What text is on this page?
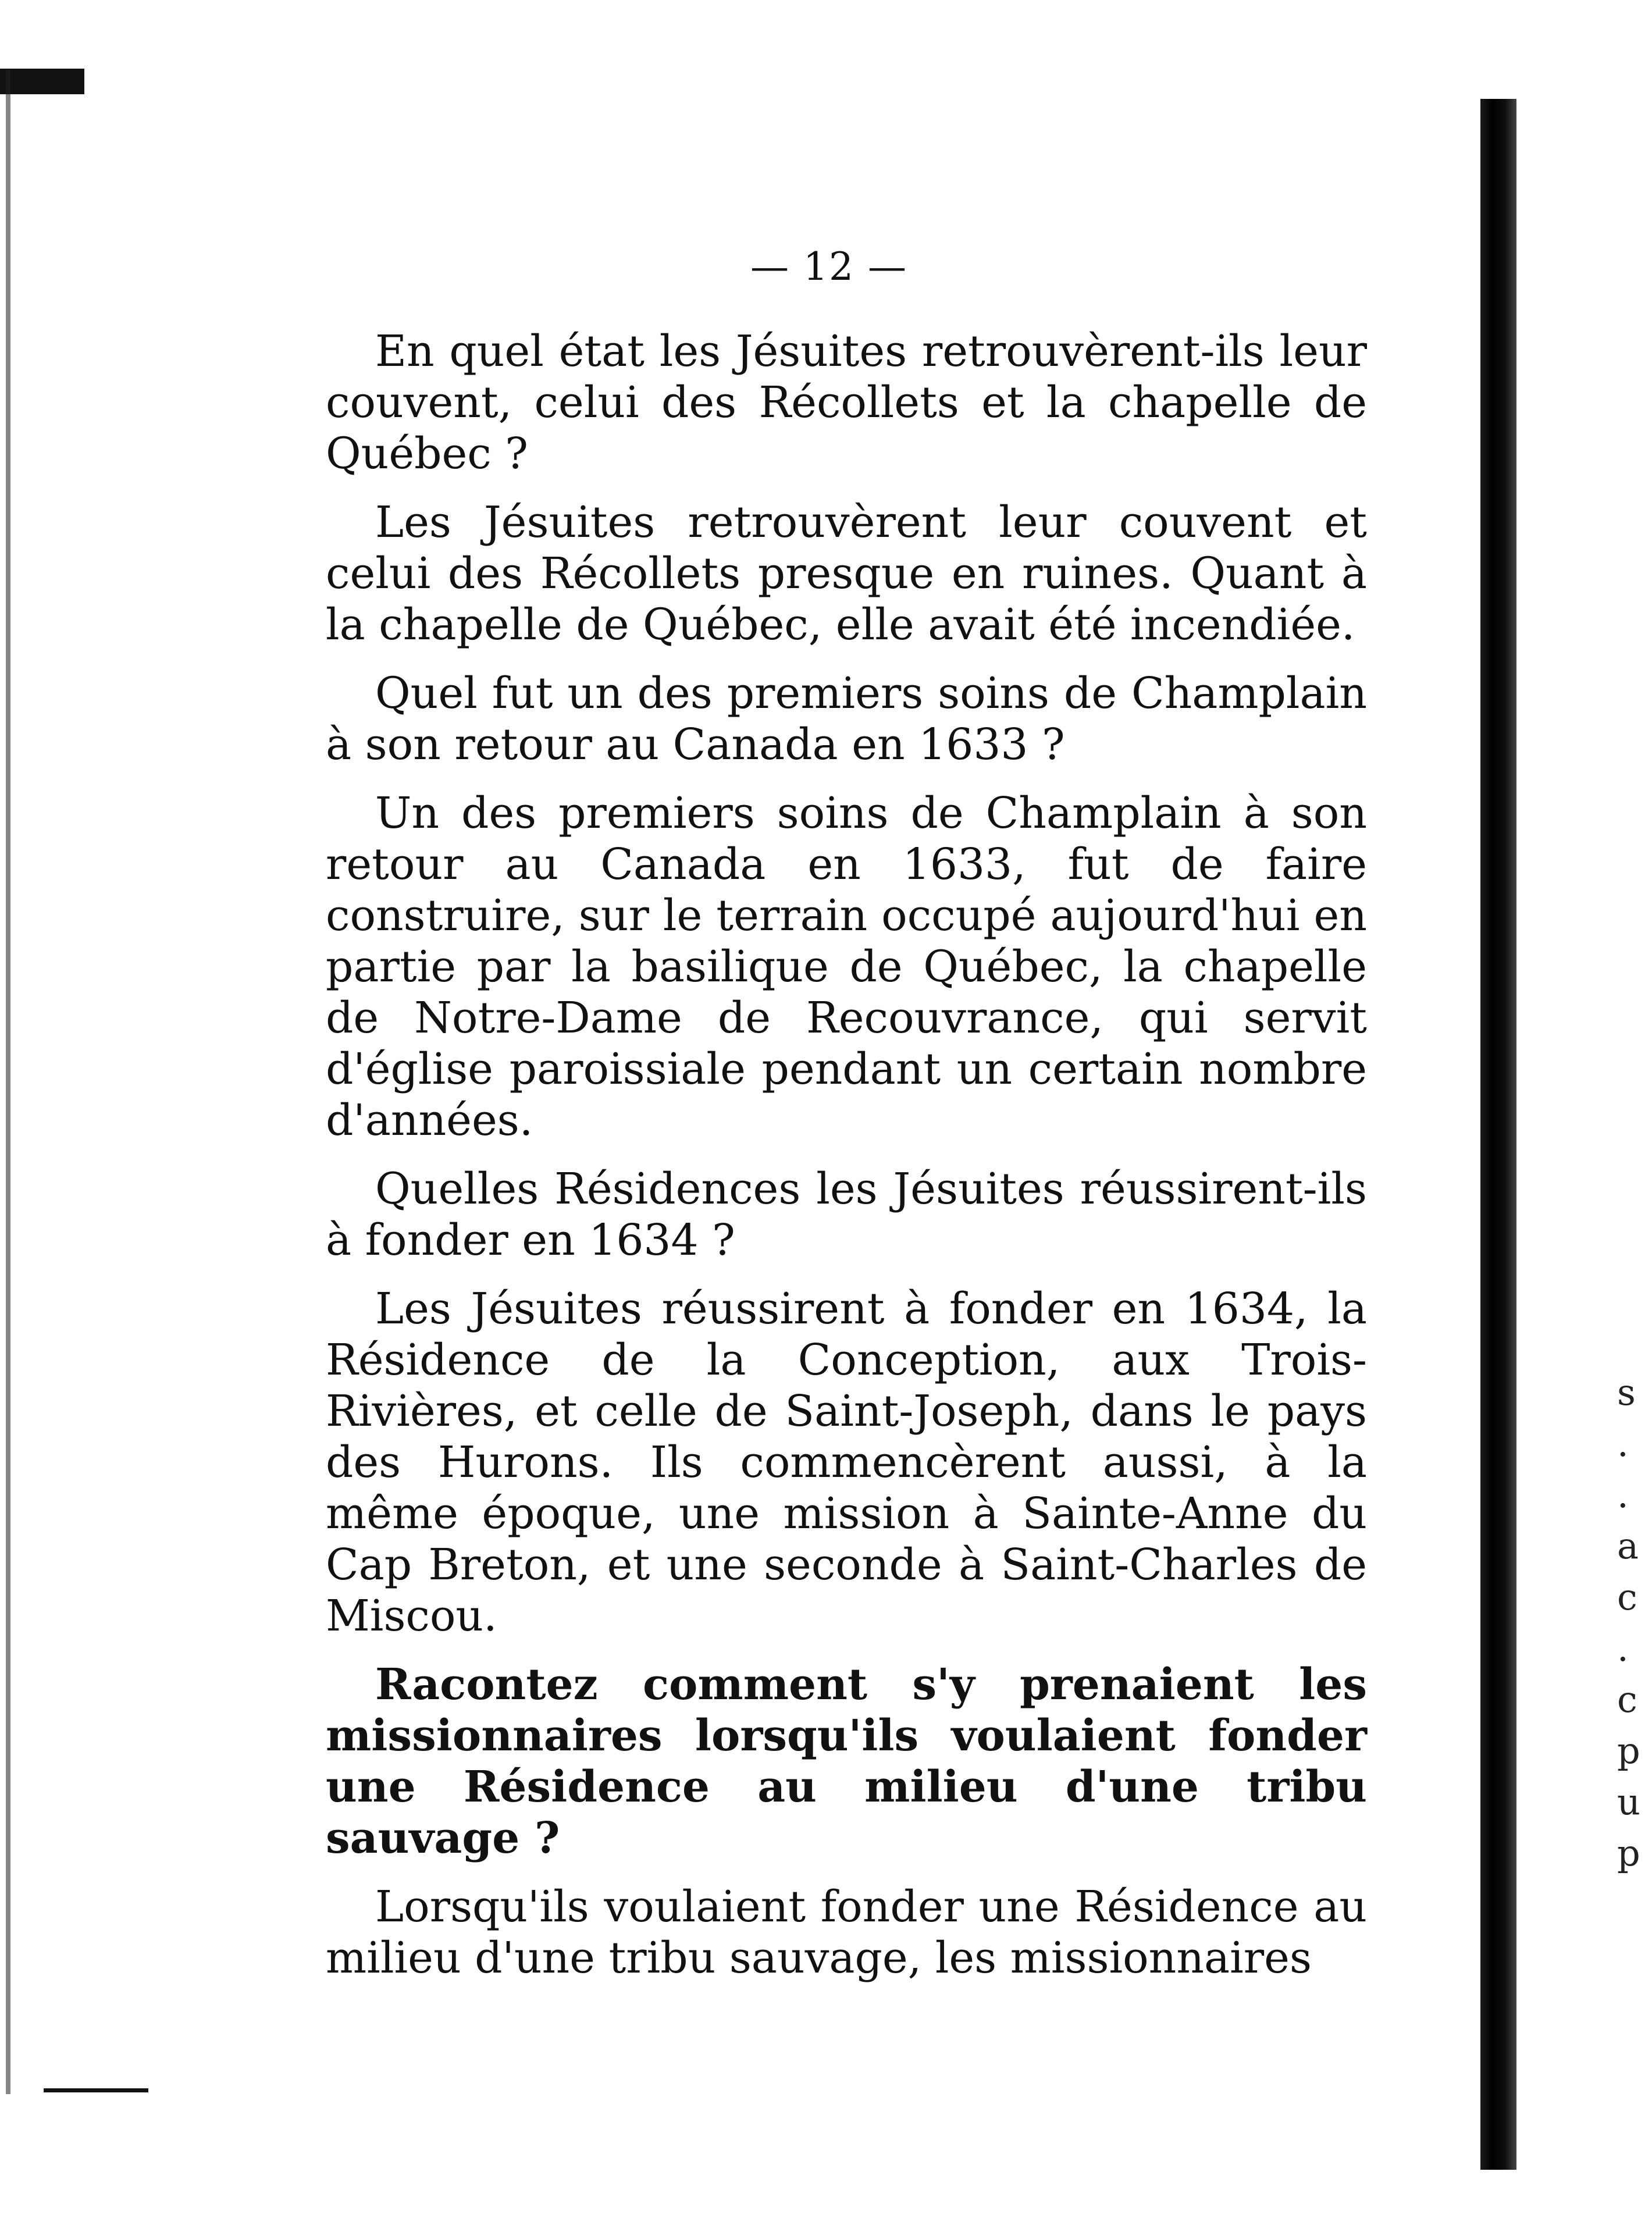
— 12 —

En quel état les Jésuites retrouvèrent-ils leur couvent, celui des Récollets et la chapelle de Québec ?

Les Jésuites retrouvèrent leur couvent et celui des Récollets presque en ruines. Quant à la chapelle de Québec, elle avait été incendiée.

Quel fut un des premiers soins de Champlain à son retour au Canada en 1633 ?

Un des premiers soins de Champlain à son retour au Canada en 1633, fut de faire construire, sur le terrain occupé aujourd'hui en partie par la basilique de Québec, la chapelle de Notre-Dame de Recouvrance, qui servit d'église paroissiale pendant un certain nombre d'années.

Quelles Résidences les Jésuites réussirent-ils à fonder en 1634 ?

Les Jésuites réussirent à fonder en 1634, la Résidence de la Conception, aux Trois-Rivières, et celle de Saint-Joseph, dans le pays des Hurons. Ils commencèrent aussi, à la même époque, une mission à Sainte-Anne du Cap Breton, et une seconde à Saint-Charles de Miscou.

Racontez comment s'y prenaient les missionnaires lorsqu'ils voulaient fonder une Résidence au milieu d'une tribu sauvage ?

Lorsqu'ils voulaient fonder une Résidence au milieu d'une tribu sauvage, les missionnaires

s
.
.
a
c
.
c
p
u
p
